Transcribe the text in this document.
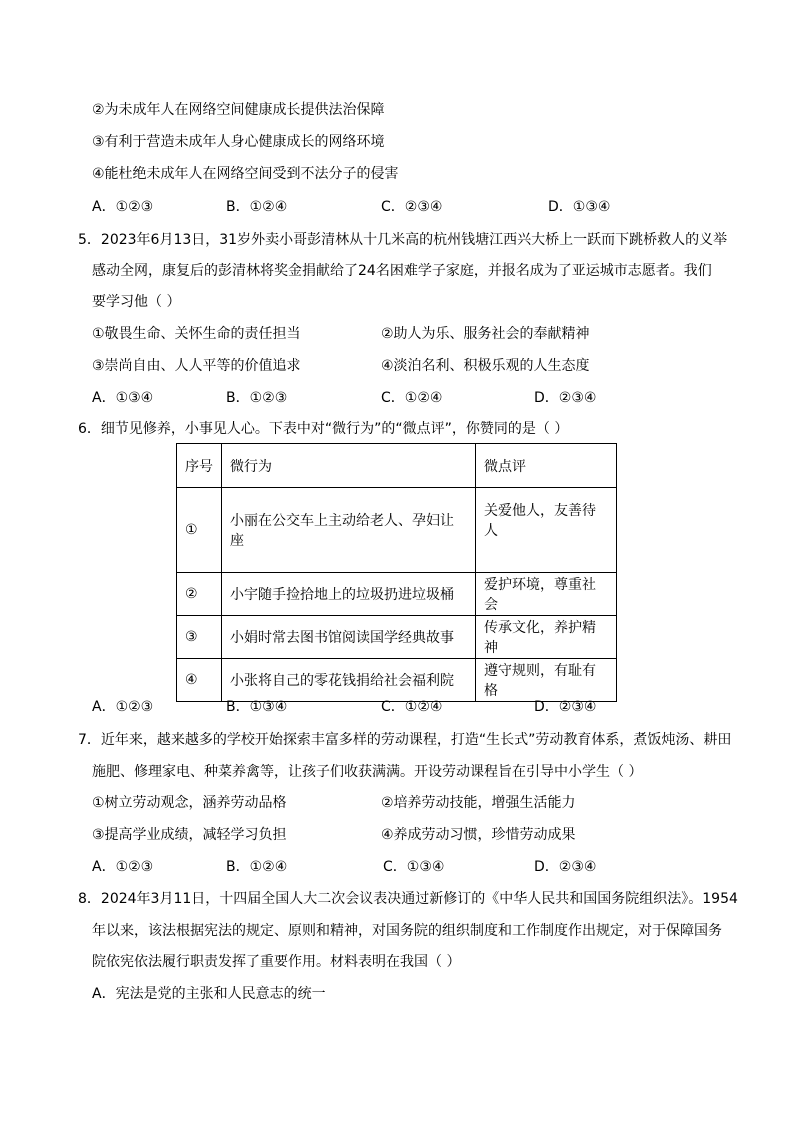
②为未成年人在网络空间健康成长提供法治保障
③有利于营造未成年人身心健康成长的网络环境
④能杜绝未成年人在网络空间受到不法分子的侵害
A．①②③	B．①②④	C．②③④	D．①③④
5．2023年6月13日，31岁外卖小哥彭清林从十几米高的杭州钱塘江西兴大桥上一跃而下跳桥救人的义举
感动全网，康复后的彭清林将奖金捐献给了24名困难学子家庭，并报名成为了亚运城市志愿者。我们
要学习他（ ）
①敬畏生命、关怀生命的责任担当	②助人为乐、服务社会的奉献精神
③崇尚自由、人人平等的价值追求	④淡泊名利、积极乐观的人生态度
A．①③④	B．①②③	C．①②④	D．②③④
6．细节见修养，小事见人心。下表中对“微行为”的“微点评”，你赞同的是（ ）
序号	微行为	微点评
①	小丽在公交车上主动给老人、孕妇让座	关爱他人，友善待人
②	小宇随手捡拾地上的垃圾扔进垃圾桶	爱护环境，尊重社会
③	小娟时常去图书馆阅读国学经典故事	传承文化，养护精神
④	小张将自己的零花钱捐给社会福利院	遵守规则，有耻有格
A．①②③	B．①③④	C．①②④	D．②③④
7．近年来，越来越多的学校开始探索丰富多样的劳动课程，打造“生长式”劳动教育体系，煮饭炖汤、耕田
施肥、修理家电、种菜养禽等，让孩子们收获满满。开设劳动课程旨在引导中小学生（ ）
①树立劳动观念，涵养劳动品格	②培养劳动技能，增强生活能力
③提高学业成绩，减轻学习负担	④养成劳动习惯，珍惜劳动成果
A．①②③	B．①②④	C．①③④	D．②③④
8．2024年3月11日，十四届全国人大二次会议表决通过新修订的《中华人民共和国国务院组织法》。1954
年以来，该法根据宪法的规定、原则和精神，对国务院的组织制度和工作制度作出规定，对于保障国务
院依宪依法履行职责发挥了重要作用。材料表明在我国（ ）
A．宪法是党的主张和人民意志的统一
